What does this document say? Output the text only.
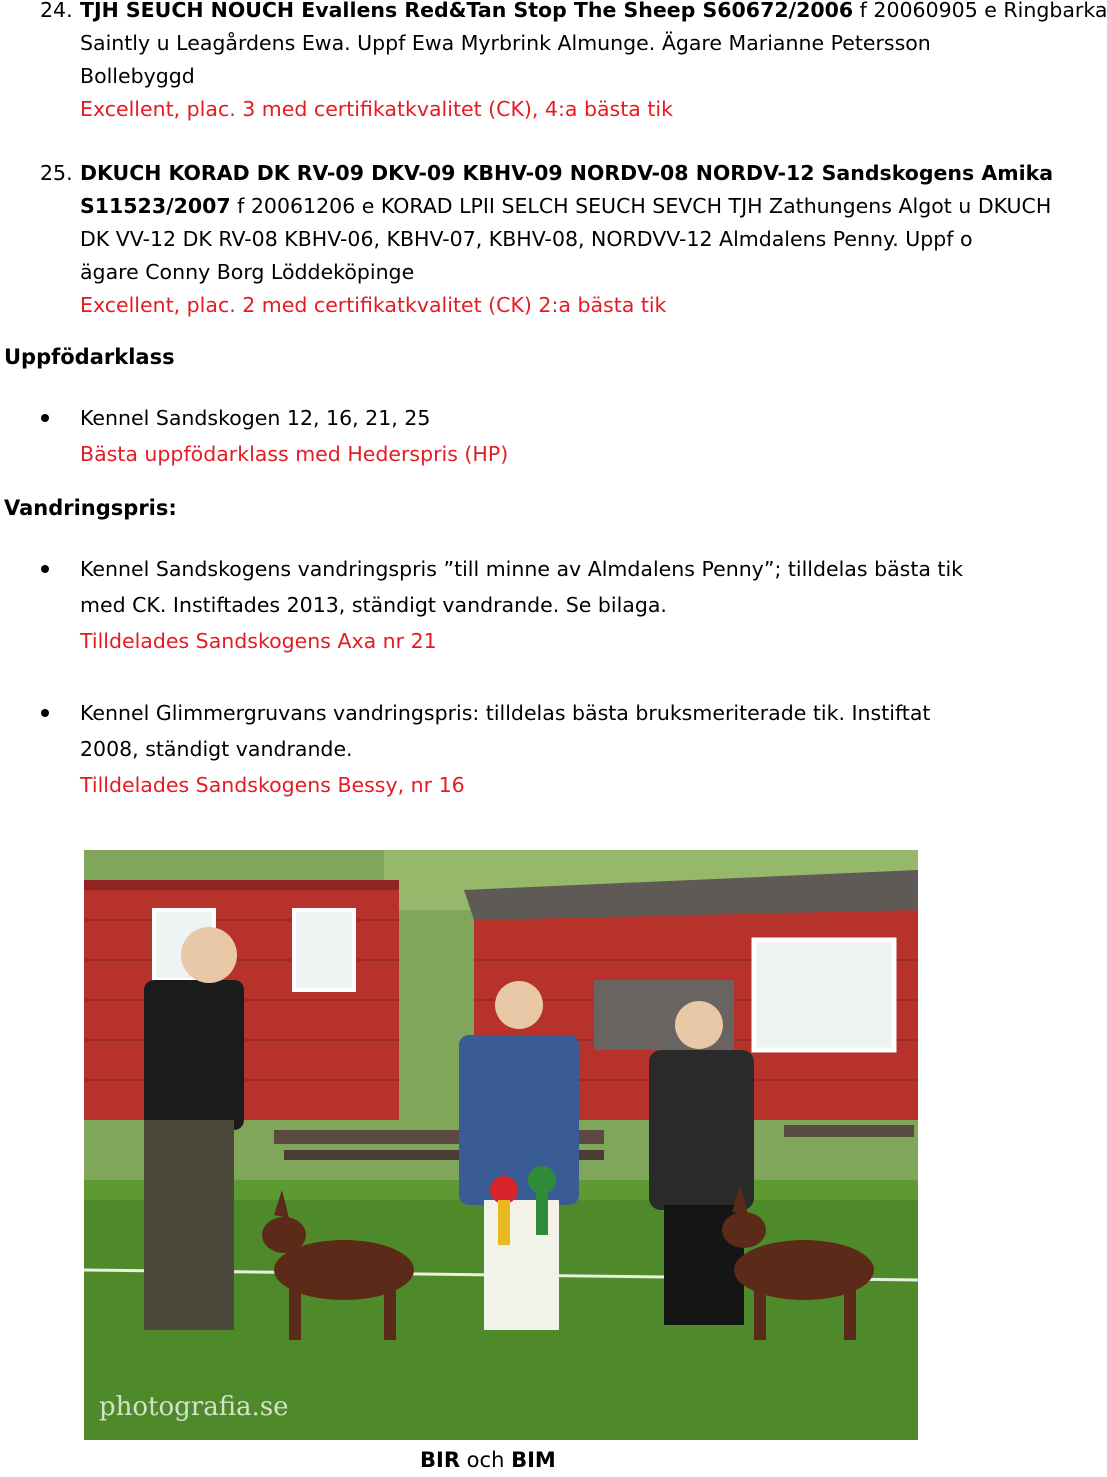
24. TJH SEUCH NOUCH Evallens Red&Tan Stop The Sheep S60672/2006 f 20060905 e Ringbarka
Saintly u Leagårdens Ewa. Uppf Ewa Myrbrink Almunge. Ägare Marianne Petersson
Bollebyggd
Excellent, plac. 3 med certifikatkvalitet (CK), 4:a bästa tik
25. DKUCH KORAD DK RV-09 DKV-09 KBHV-09 NORDV-08 NORDV-12 Sandskogens Amika
S11523/2007 f 20061206 e KORAD LPII SELCH SEUCH SEVCH TJH Zathungens Algot u DKUCH
DK VV-12 DK RV-08 KBHV-06, KBHV-07, KBHV-08, NORDVV-12 Almdalens Penny. Uppf o
ägare Conny Borg Löddeköpinge
Excellent, plac. 2 med certifikatkvalitet (CK) 2:a bästa tik
Uppfödarklass
Kennel Sandskogen 12, 16, 21, 25
Bästa uppfödarklass med Hederspris (HP)
Vandringspris:
Kennel Sandskogens vandringspris ”till minne av Almdalens Penny”; tilldelas bästa tik
med CK. Instiftades 2013, ständigt vandrande. Se bilaga.
Tilldelades Sandskogens Axa nr 21
Kennel Glimmergruvans vandringspris: tilldelas bästa bruksmeriterade tik. Instiftat
2008, ständigt vandrande.
Tilldelades Sandskogens Bessy, nr 16
photografia.se
BIR och BIM
